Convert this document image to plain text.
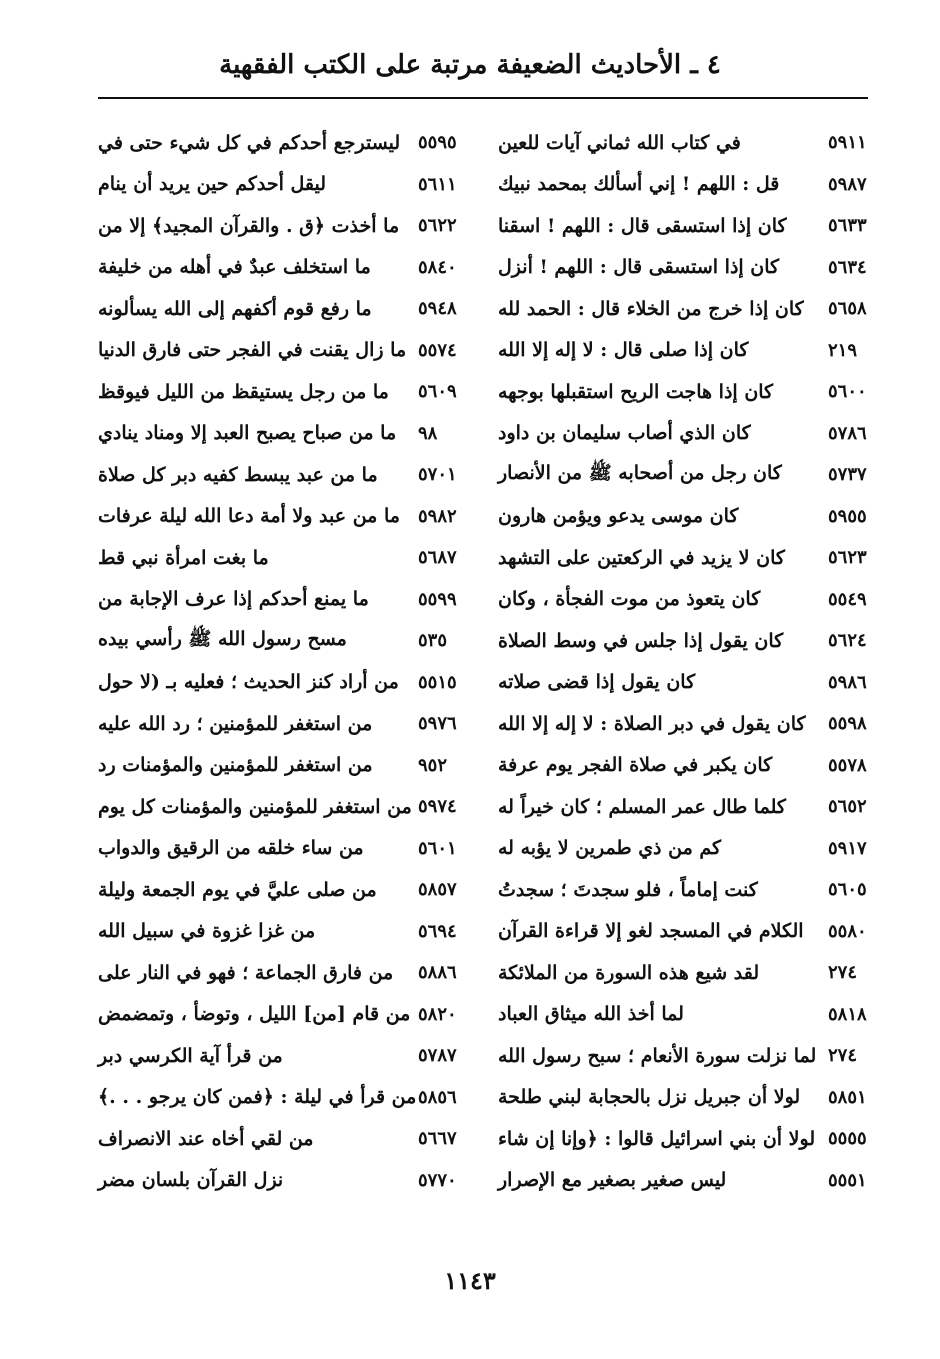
٤ ـ الأحاديث الضعيفة مرتبة على الكتب الفقهية
في كتاب الله ثماني آيات للعين	٥٩١١
قل : اللهم ! إني أسألك بمحمد نبيك	٥٩٨٧
كان إذا استسقى قال : اللهم ! اسقنا ٥٦٣٣
كان إذا استسقى قال : اللهم ! أنزل	٥٦٣٤
كان إذا خرج من الخلاء قال : الحمد لله ٥٦٥٨
كان إذا صلى قال : لا إله إلا الله	٢١٩
كان إذا هاجت الريح استقبلها بوجهه	٥٦٠٠
كان الذي أصاب سليمان بن داود	٥٧٨٦
كان رجل من أصحابه ﷺ من الأنصار	٥٧٣٧
كان موسى يدعو ويؤمن هارون	٥٩٥٥
كان لا يزيد في الركعتين على التشهد ٥٦٢٣
كان يتعوذ من موت الفجأة ، وكان	٥٥٤٩
كان يقول إذا جلس في وسط الصلاة ٥٦٢٤
كان يقول إذا قضى صلاته	٥٩٨٦
كان يقول في دبر الصلاة : لا إله إلا الله ٥٥٩٨
كان يكبر في صلاة الفجر يوم عرفة	٥٥٧٨
كلما طال عمر المسلم ؛ كان خيراً له ٥٦٥٢
كم من ذي طمرين لا يؤبه له	٥٩١٧
كنت إماماً ، فلو سجدتَ ؛ سجدتُ	٥٦٠٥
الكلام في المسجد لغو إلا قراءة القرآن ٥٥٨٠
لقد شيع هذه السورة من الملائكة	٢٧٤
لما أخذ الله ميثاق العباد	٥٨١٨
لما نزلت سورة الأنعام ؛ سبح رسول الله ٢٧٤
لولا أن جبريل نزل بالحجابة لبني طلحة ٥٨٥١
لولا أن بني اسرائيل قالوا : ﴿وإنا إن شاء ٥٥٥٥
ليس صغير بصغير مع الإصرار	٥٥٥١
ليسترجع أحدكم في كل شيء حتى في ٥٥٩٥
ليقل أحدكم حين يريد أن ينام	٥٦١١
ما أخذت ﴿ق . والقرآن المجيد﴾ إلا من ٥٦٢٢
ما استخلف عبدٌ في أهله من خليفة	٥٨٤٠
ما رفع قوم أكفهم إلى الله يسألونه	٥٩٤٨
ما زال يقنت في الفجر حتى فارق الدنيا ٥٥٧٤
ما من رجل يستيقظ من الليل فيوقظ ٥٦٠٩
ما من صباح يصبح العبد إلا ومناد ينادي ٩٨
ما من عبد يبسط كفيه دبر كل صلاة ٥٧٠١
ما من عبد ولا أمة دعا الله ليلة عرفات ٥٩٨٢
ما بغت امرأة نبي قط	٥٦٨٧
ما يمنع أحدكم إذا عرف الإجابة من	٥٥٩٩
مسح رسول الله ﷺ رأسي بيده	٥٣٥
من أراد كنز الحديث ؛ فعليه بـ (لا حول ٥٥١٥
من استغفر للمؤمنين ؛ رد الله عليه	٥٩٧٦
من استغفر للمؤمنين والمؤمنات رد	٩٥٢
من استغفر للمؤمنين والمؤمنات كل يوم ٥٩٧٤
من ساء خلقه من الرقيق والدواب	٥٦٠١
من صلى عليَّ في يوم الجمعة وليلة ٥٨٥٧
من غزا غزوة في سبيل الله	٥٦٩٤
من فارق الجماعة ؛ فهو في النار على ٥٨٨٦
من قام [من] الليل ، وتوضأ ، وتمضمض ٥٨٢٠
من قرأ آية الكرسي دبر	٥٧٨٧
من قرأ في ليلة : ﴿فمن كان يرجو . . .﴾ ٥٨٥٦
من لقي أخاه عند الانصراف	٥٦٦٧
نزل القرآن بلسان مضر	٥٧٧٠
١١٤٣
